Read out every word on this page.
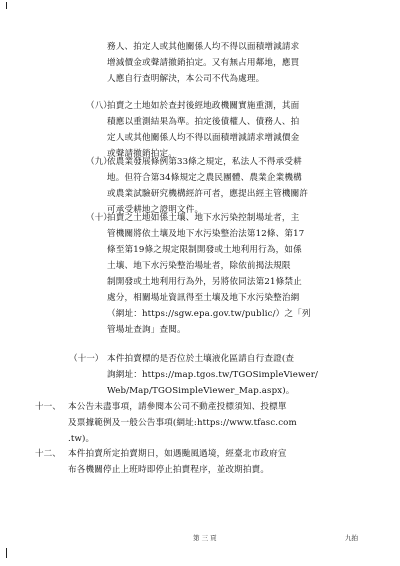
務人、拍定人或其他關係人均不得以面積增減請求
增減價金或聲請撤銷拍定。又有無占用鄰地，應買
人應自行查明解決，本公司不代為處理。
（八）
拍賣之土地如於查封後經地政機關實施重測，其面
積應以重測結果為準。拍定後債權人、債務人、拍
定人或其他關係人均不得以面積增減請求增減價金
或聲請撤銷拍定。
（九）
依農業發展條例第33條之規定，私法人不得承受耕
地。但符合第34條規定之農民團體、農業企業機構
或農業試驗研究機構經許可者，應提出經主管機關許
可承受耕地之證明文件。
（十）
拍賣之土地如係土壤、地下水污染控制場址者，主
管機關將依土壤及地下水污染整治法第12條、第17
條至第19條之規定限制開發或土地利用行為，如係
土壤、地下水污染整治場址者，除依前揭法規限
制開發或土地利用行為外，另將依同法第21條禁止
處分，相關場址資訊得至土壤及地下水污染整治網
（網址：https://sgw.epa.gov.tw/public/）之「列
管場址查詢」查閱。
（十一） 本件拍賣標的是否位於土壤液化區請自行查證(查
詢網址：https://map.tgos.tw/TGOSimpleViewer/
Web/Map/TGOSimpleViewer_Map.aspx)。
十一、 本公告未盡事項，請參閱本公司不動產投標須知、投標單
及票據範例及一般公告事項(網址:https://www.tfasc.com
.tw)。
十二、 本件拍賣所定拍賣期日，如遇颱風過境，經臺北市政府宣
布各機關停止上班時即停止拍賣程序，並改期拍賣。
第 三 頁	九拍
